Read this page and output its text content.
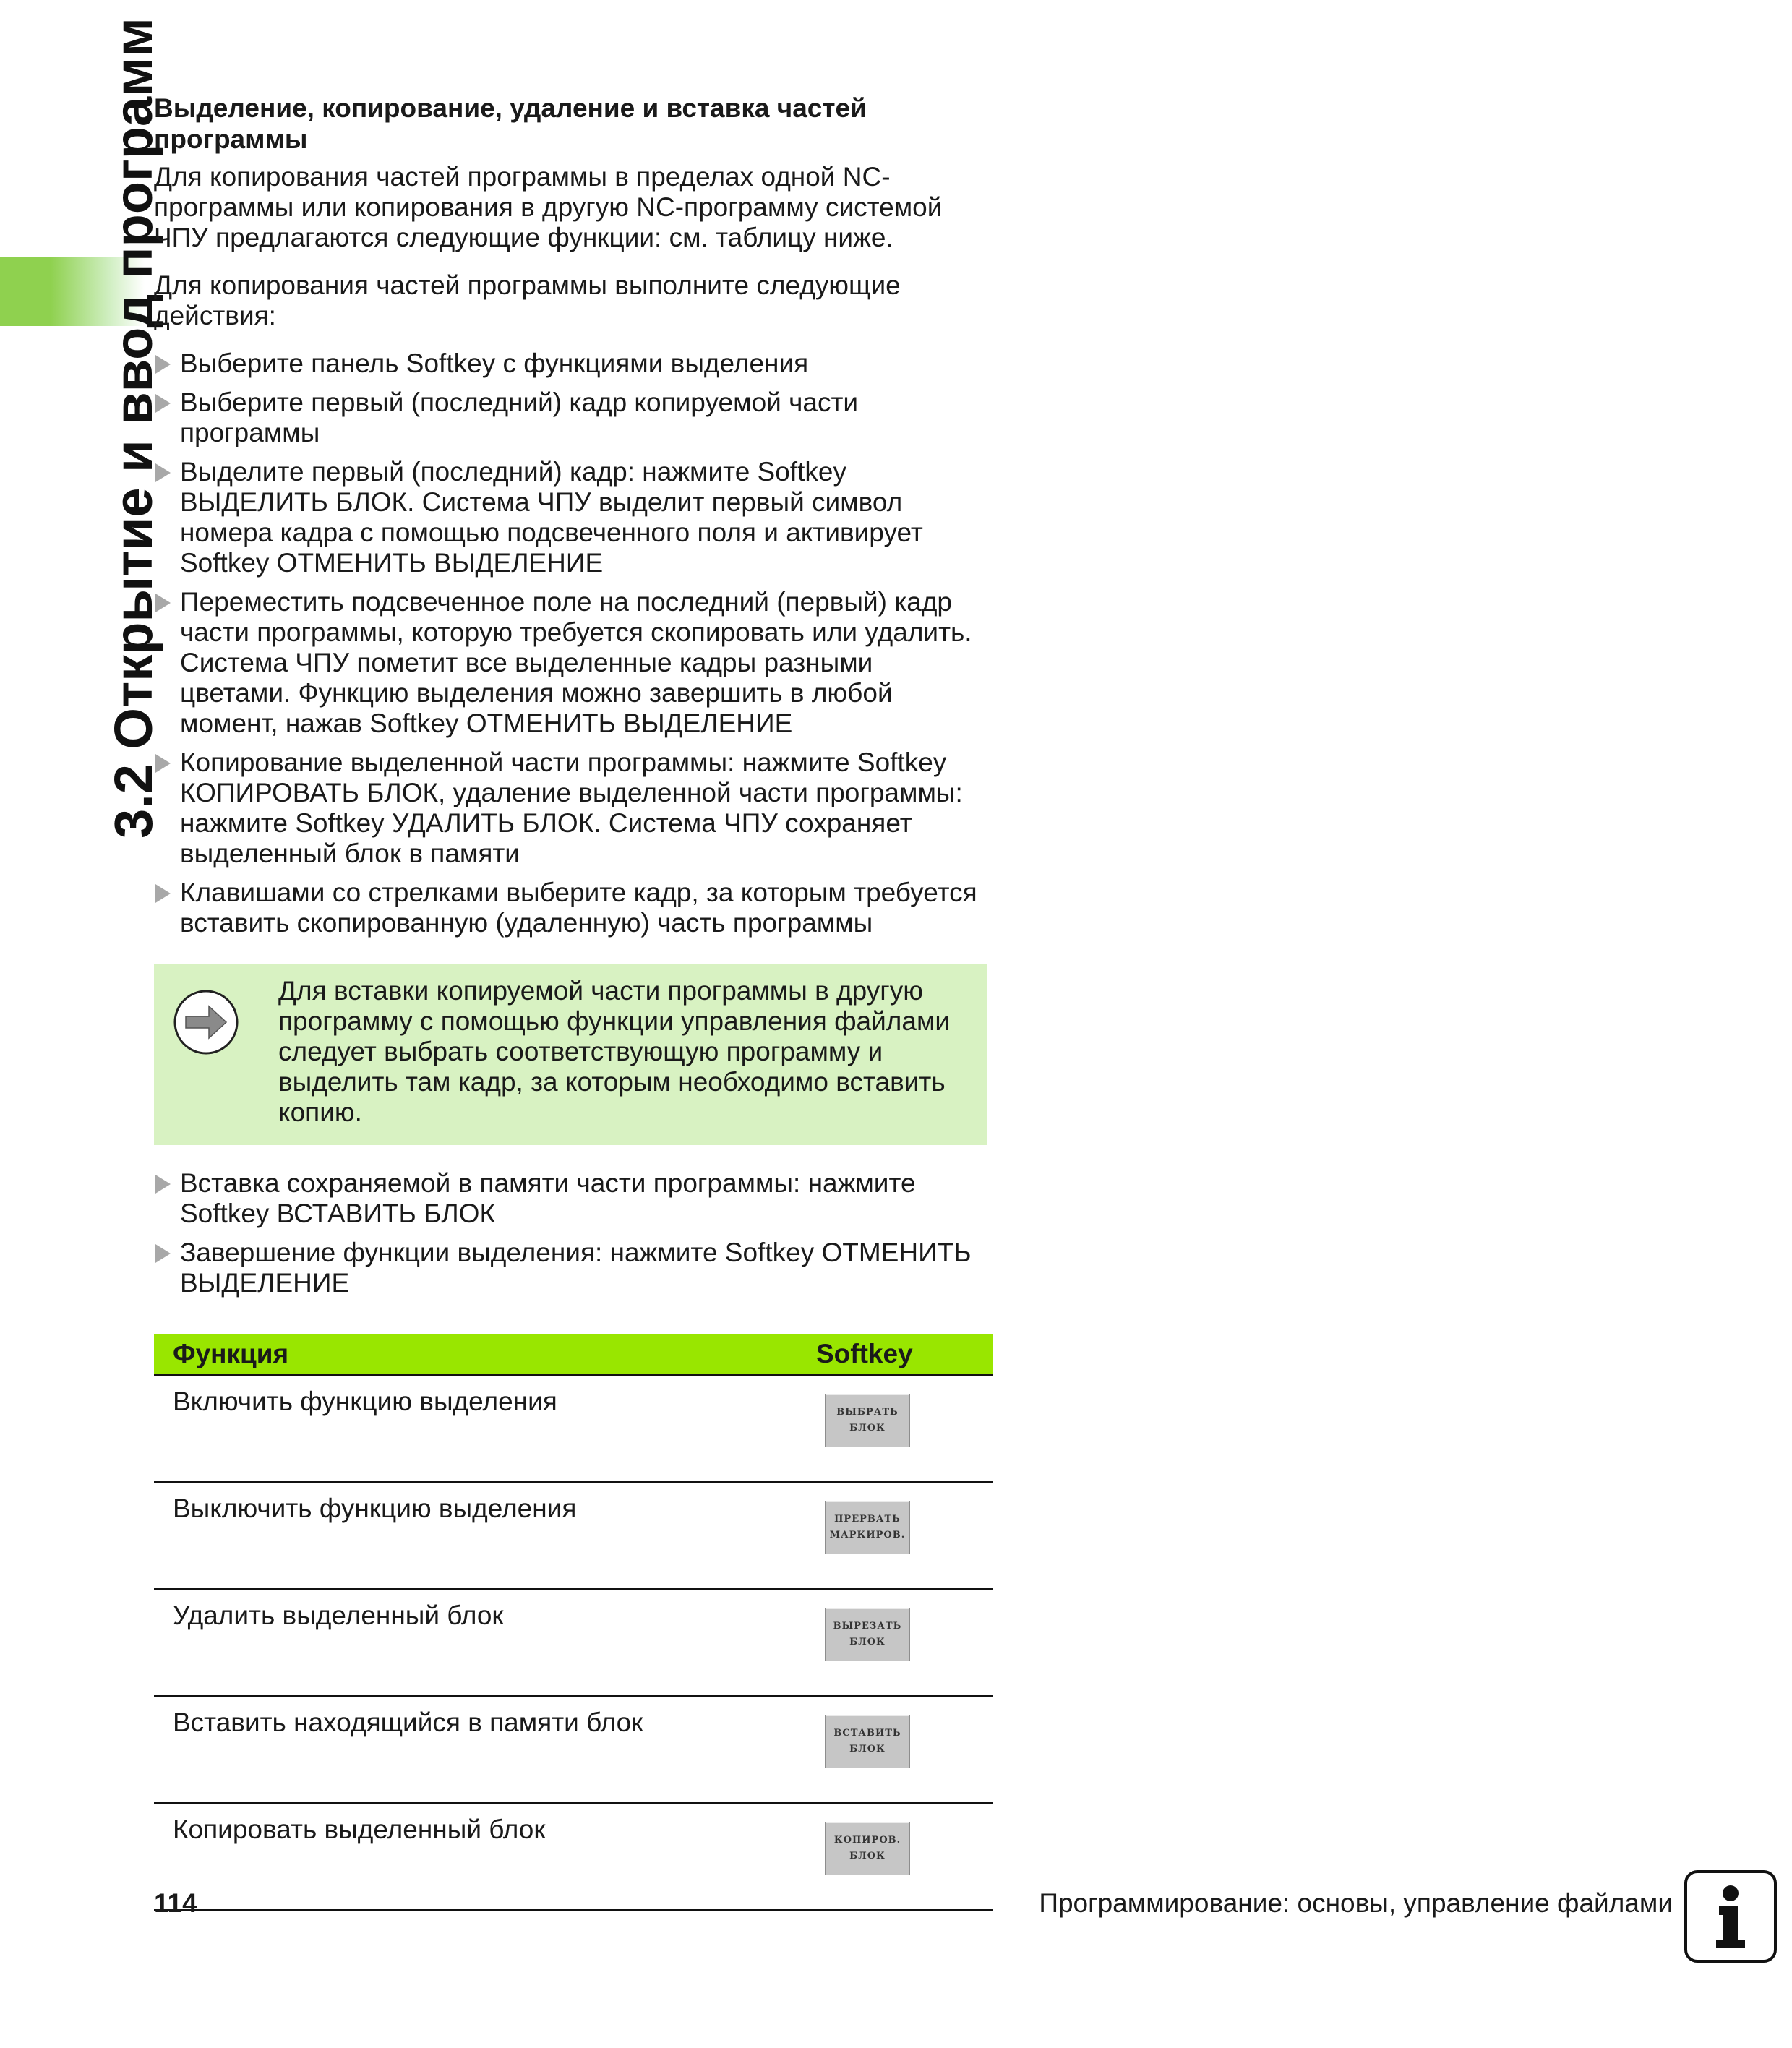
3.2 Открытие и ввод программ
Выделение, копирование, удаление и вставка частей программы

Для копирования частей программы в пределах одной NC-программы или копирования в другую NC-программу системой ЧПУ предлагаются следующие функции: см. таблицу ниже.

Для копирования частей программы выполните следующие действия:

Выберите панель Softkey с функциями выделения
Выберите первый (последний) кадр копируемой части программы
Выделите первый (последний) кадр: нажмите Softkey ВЫДЕЛИТЬ БЛОК. Система ЧПУ выделит первый символ номера кадра с помощью подсвеченного поля и активирует Softkey ОТМЕНИТЬ ВЫДЕЛЕНИЕ
Переместить подсвеченное поле на последний (первый) кадр части программы, которую требуется скопировать или удалить. Система ЧПУ пометит все выделенные кадры разными цветами. Функцию выделения можно завершить в любой момент, нажав Softkey ОТМЕНИТЬ ВЫДЕЛЕНИЕ
Копирование выделенной части программы: нажмите Softkey КОПИРОВАТЬ БЛОК, удаление выделенной части программы: нажмите Softkey УДАЛИТЬ БЛОК. Система ЧПУ сохраняет выделенный блок в памяти
Клавишами со стрелками выберите кадр, за которым требуется вставить скопированную (удаленную) часть программы
Для вставки копируемой части программы в другую программу с помощью функции управления файлами следует выбрать соответствующую программу и выделить там кадр, за которым необходимо вставить копию.
Вставка сохраняемой в памяти части программы: нажмите Softkey ВСТАВИТЬ БЛОК
Завершение функции выделения: нажмите Softkey ОТМЕНИТЬ ВЫДЕЛЕНИЕ
Функция	Softkey
Включить функцию выделения	ВЫБРАТЬ
БЛОК

Выключить функцию выделения	ПРЕРВАТЬ
МАРКИРОВ.

Удалить выделенный блок	ВЫРЕЗАТЬ
БЛОК

Вставить находящийся в памяти блок	ВСТАВИТЬ
БЛОК

Копировать выделенный блок	КОПИРОВ.
БЛОК
114	Программирование: основы, управление файлами
